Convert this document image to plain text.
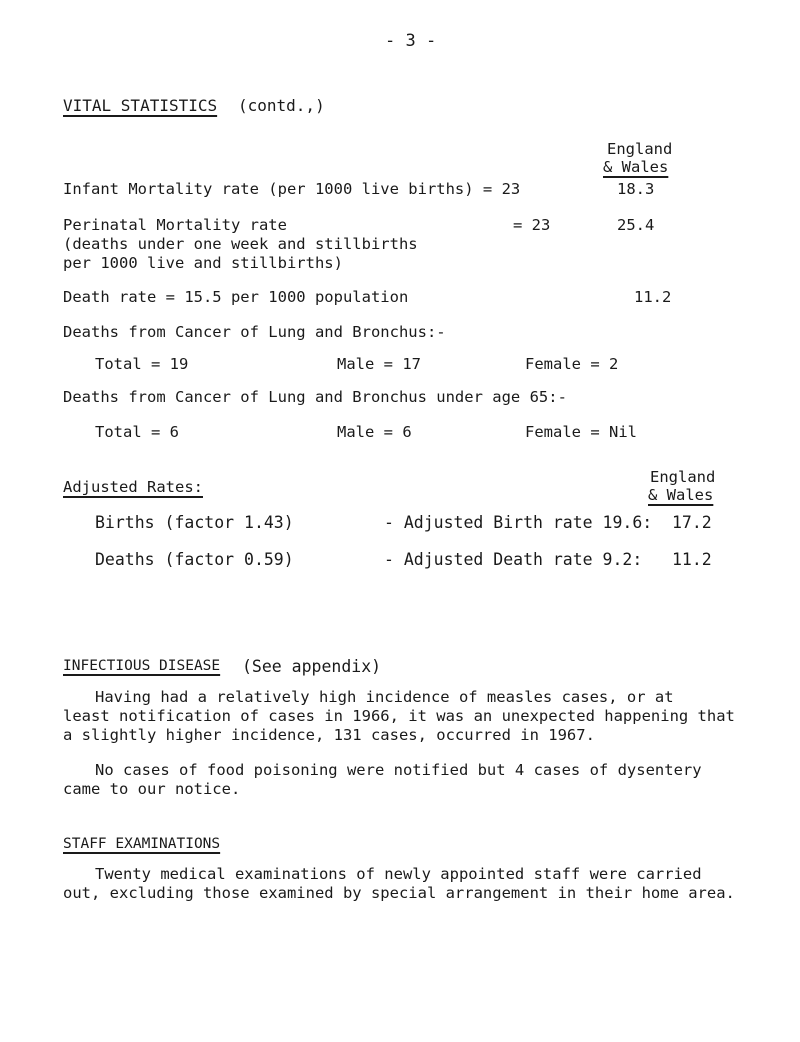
- 3 -
VITAL STATISTICS (contd.,)
England
& Wales
Infant Mortality rate (per 1000 live births) = 23	18.3
Perinatal Mortality rate	= 23	25.4
(deaths under one week and stillbirths
per 1000 live and stillbirths)
Death rate = 15.5 per 1000 population	11.2
Deaths from Cancer of Lung and Bronchus:-
Total = 19	Male = 17	Female = 2
Deaths from Cancer of Lung and Bronchus under age 65:-
Total = 6	Male = 6	Female = Nil
Adjusted Rates:
England
& Wales
Births (factor 1.43)	- Adjusted Birth rate 19.6: 17.2
Deaths (factor 0.59)	- Adjusted Death rate 9.2: 11.2
INFECTIOUS DISEASE (See appendix)
Having had a relatively high incidence of measles cases, or at
least notification of cases in 1966, it was an unexpected happening that
a slightly higher incidence, 131 cases, occurred in 1967.
No cases of food poisoning were notified but 4 cases of dysentery
came to our notice.
STAFF EXAMINATIONS
Twenty medical examinations of newly appointed staff were carried
out, excluding those examined by special arrangement in their home area.
